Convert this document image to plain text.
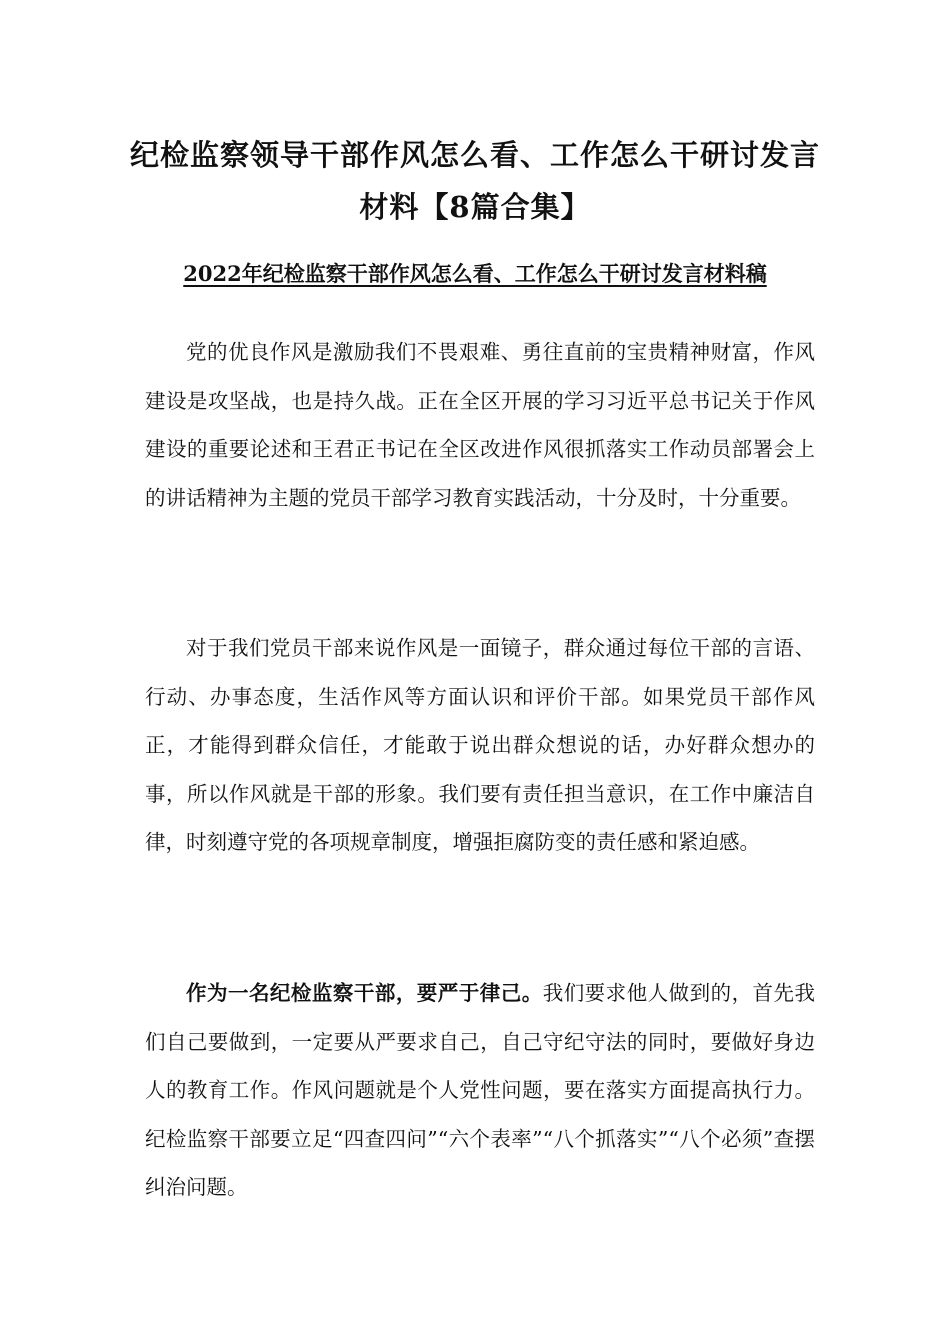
纪检监察领导干部作风怎么看、工作怎么干研讨发言
材料【8篇合集】
2022年纪检监察干部作风怎么看、工作怎么干研讨发言材料稿

党的优良作风是激励我们不畏艰难、勇往直前的宝贵精神财富，作风建设是攻坚战，也是持久战。正在全区开展的学习习近平总书记关于作风建设的重要论述和王君正书记在全区改进作风很抓落实工作动员部署会上的讲话精神为主题的党员干部学习教育实践活动，十分及时，十分重要。

对于我们党员干部来说作风是一面镜子，群众通过每位干部的言语、行动、办事态度，生活作风等方面认识和评价干部。如果党员干部作风正，才能得到群众信任，才能敢于说出群众想说的话，办好群众想办的事，所以作风就是干部的形象。我们要有责任担当意识，在工作中廉洁自律，时刻遵守党的各项规章制度，增强拒腐防变的责任感和紧迫感。

作为一名纪检监察干部，要严于律己。我们要求他人做到的，首先我们自己要做到，一定要从严要求自己，自己守纪守法的同时，要做好身边人的教育工作。作风问题就是个人党性问题，要在落实方面提高执行力。纪检监察干部要立足“四查四问”“六个表率”“八个抓落实”“八个必须”查摆纠治问题。
